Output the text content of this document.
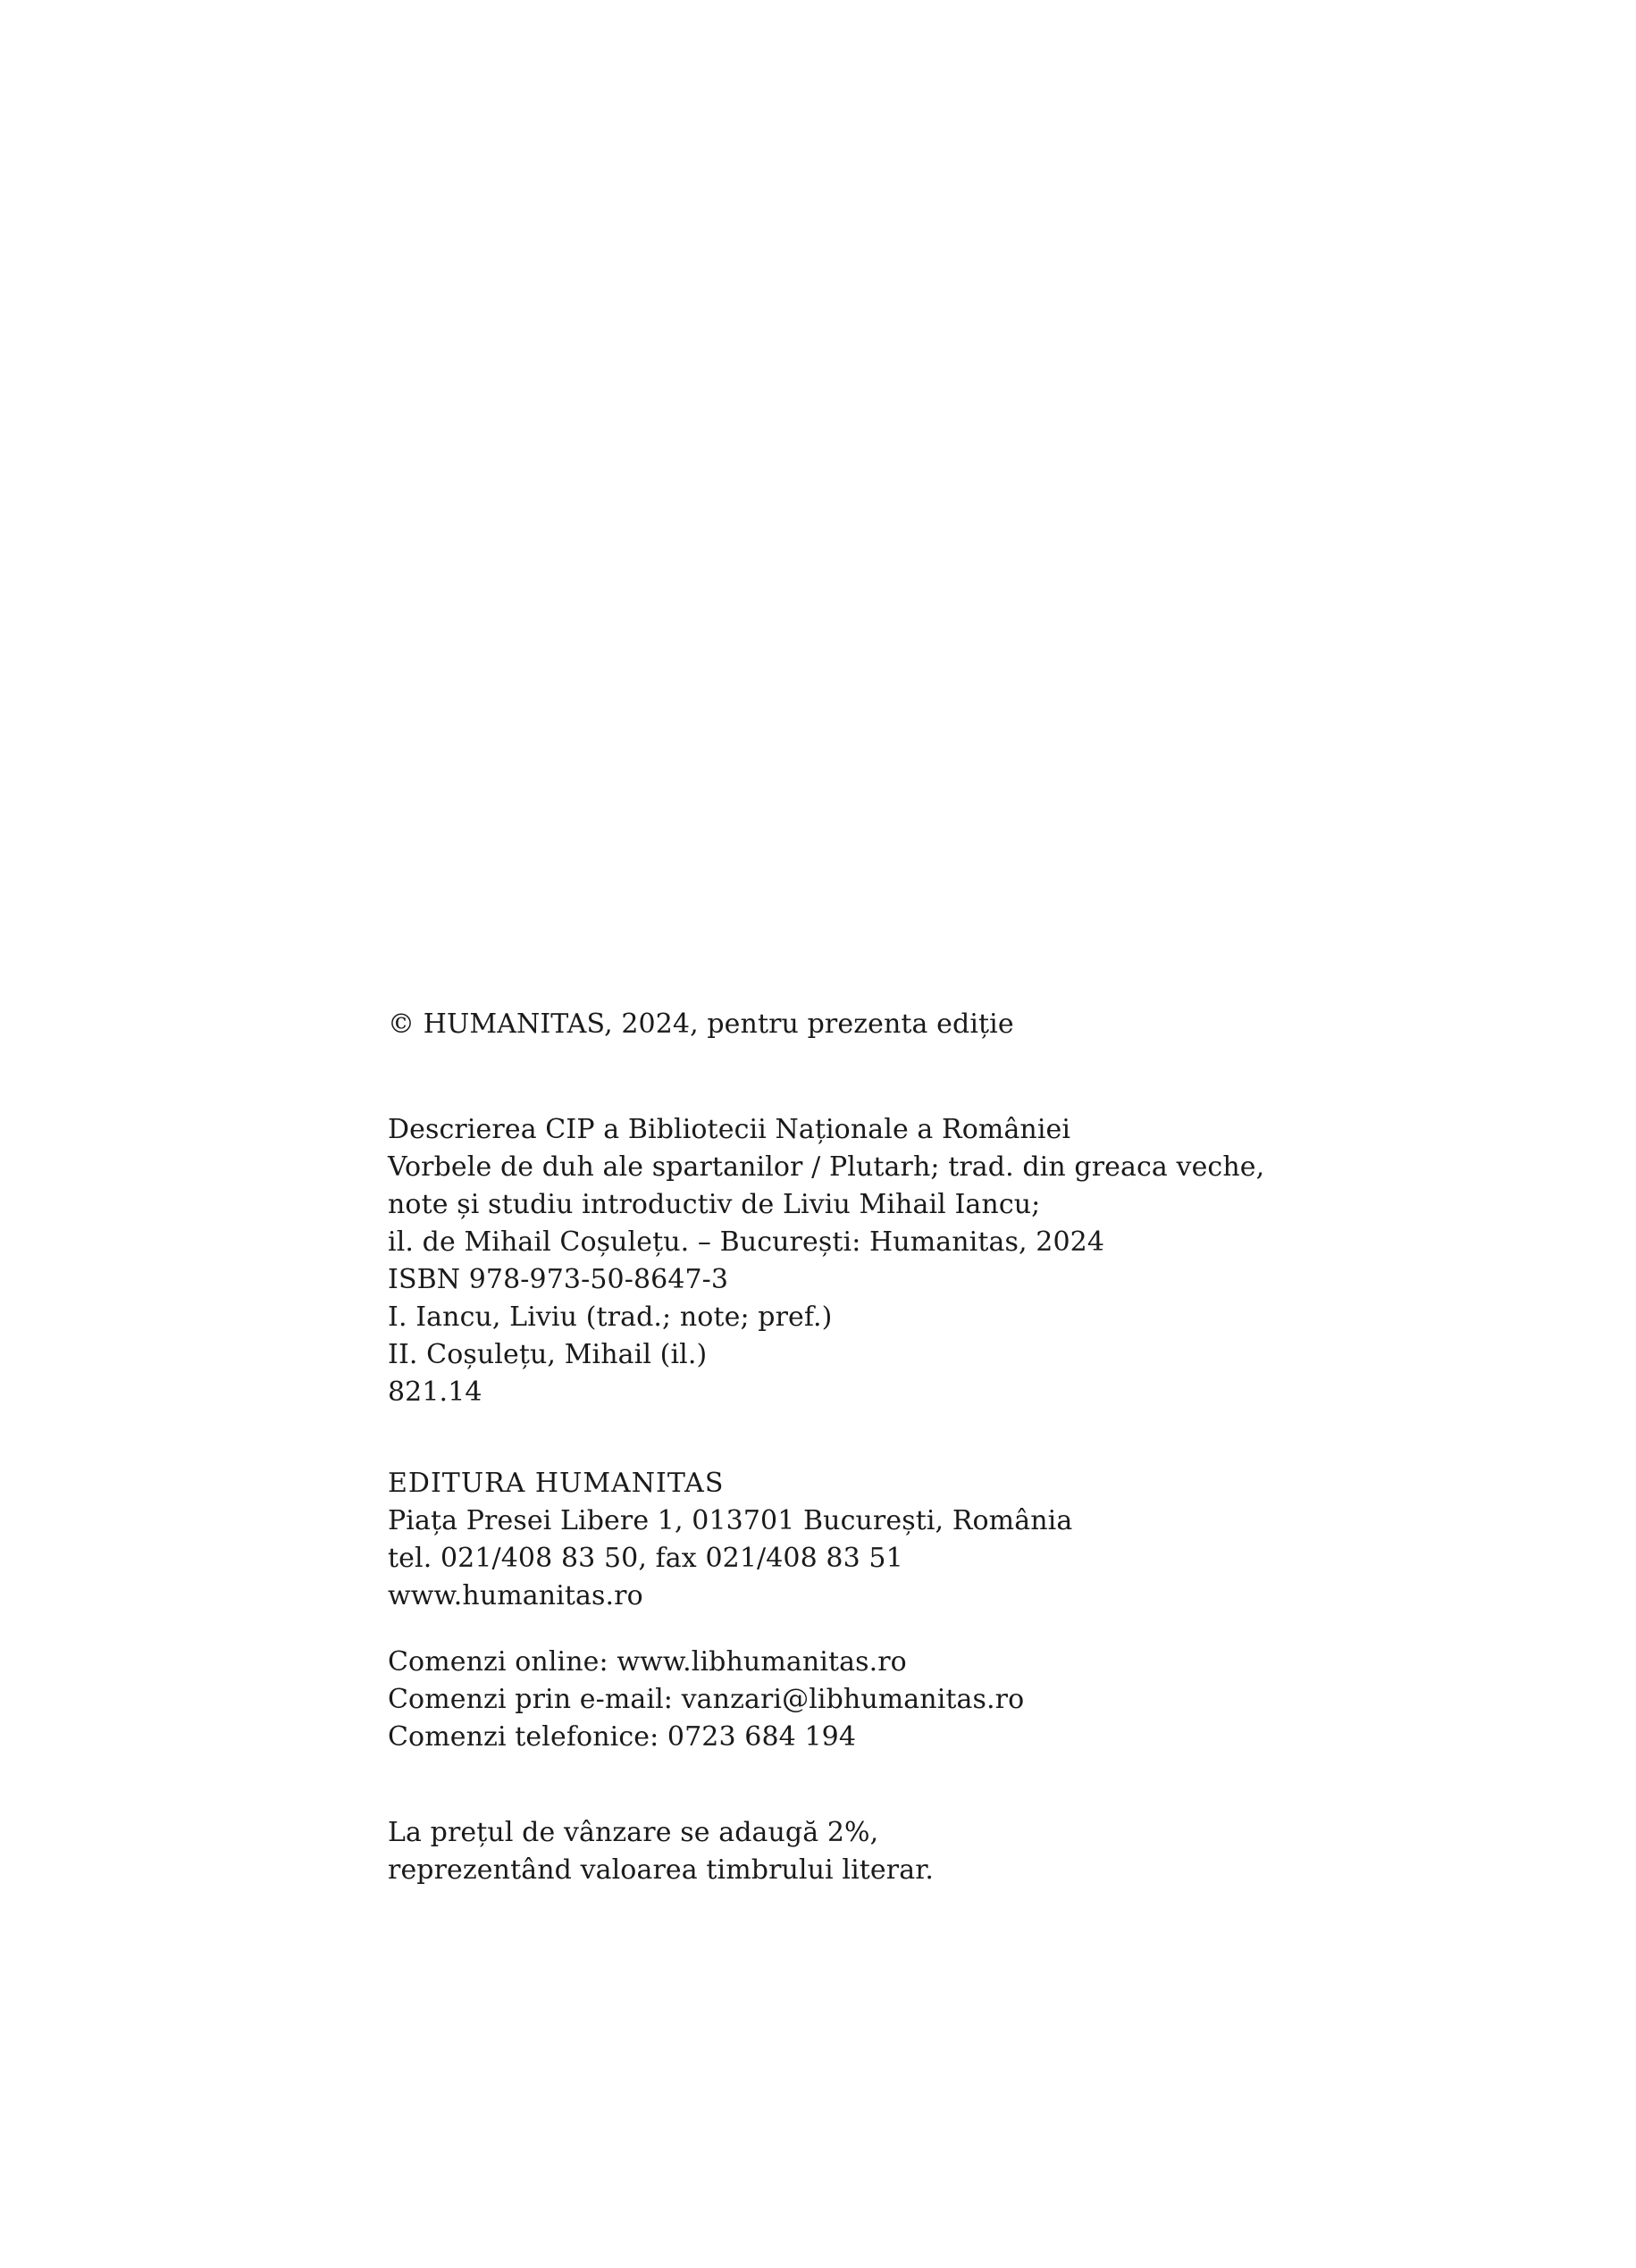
© HUMANITAS, 2024, pentru prezenta ediție
Descrierea CIP a Bibliotecii Naționale a României
Vorbele de duh ale spartanilor / Plutarh; trad. din greaca veche,
note și studiu introductiv de Liviu Mihail Iancu;
il. de Mihail Coșulețu. – București: Humanitas, 2024
ISBN 978-973-50-8647-3
I. Iancu, Liviu (trad.; note; pref.)
II. Coșulețu, Mihail (il.)
821.14
EDITURA HUMANITAS
Piața Presei Libere 1, 013701 București, România
tel. 021/408 83 50, fax 021/408 83 51
www.humanitas.ro
Comenzi online: www.libhumanitas.ro
Comenzi prin e-mail: vanzari@libhumanitas.ro
Comenzi telefonice: 0723 684 194
La prețul de vânzare se adaugă 2%,
reprezentând valoarea timbrului literar.
